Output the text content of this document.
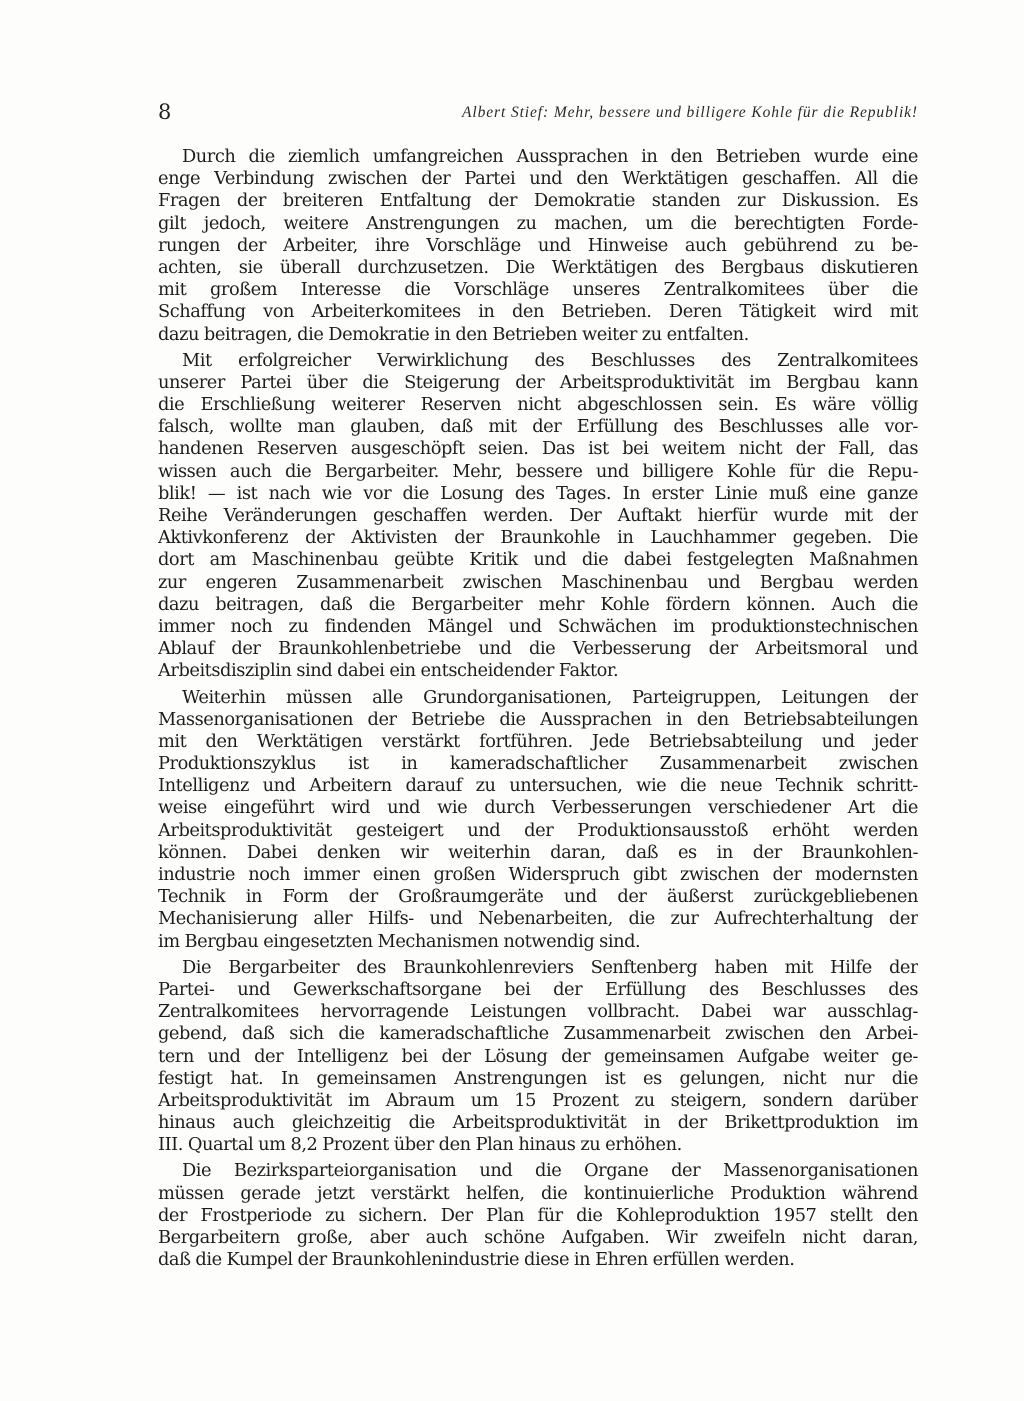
8	Albert Stief: Mehr, bessere und billigere Kohle für die Republik!
Durch die ziemlich umfangreichen Aussprachen in den Betrieben wurde eine
enge Verbindung zwischen der Partei und den Werktätigen geschaffen. All die
Fragen der breiteren Entfaltung der Demokratie standen zur Diskussion. Es
gilt jedoch, weitere Anstrengungen zu machen, um die berechtigten Forde-
rungen der Arbeiter, ihre Vorschläge und Hinweise auch gebührend zu be-
achten, sie überall durchzusetzen. Die Werktätigen des Bergbaus diskutieren
mit großem Interesse die Vorschläge unseres Zentralkomitees über die
Schaffung von Arbeiterkomitees in den Betrieben. Deren Tätigkeit wird mit
dazu beitragen, die Demokratie in den Betrieben weiter zu entfalten.
Mit erfolgreicher Verwirklichung des Beschlusses des Zentralkomitees
unserer Partei über die Steigerung der Arbeitsproduktivität im Bergbau kann
die Erschließung weiterer Reserven nicht abgeschlossen sein. Es wäre völlig
falsch, wollte man glauben, daß mit der Erfüllung des Beschlusses alle vor-
handenen Reserven ausgeschöpft seien. Das ist bei weitem nicht der Fall, das
wissen auch die Bergarbeiter. Mehr, bessere und billigere Kohle für die Repu-
blik! — ist nach wie vor die Losung des Tages. In erster Linie muß eine ganze
Reihe Veränderungen geschaffen werden. Der Auftakt hierfür wurde mit der
Aktivkonferenz der Aktivisten der Braunkohle in Lauchhammer gegeben. Die
dort am Maschinenbau geübte Kritik und die dabei festgelegten Maßnahmen
zur engeren Zusammenarbeit zwischen Maschinenbau und Bergbau werden
dazu beitragen, daß die Bergarbeiter mehr Kohle fördern können. Auch die
immer noch zu findenden Mängel und Schwächen im produktionstechnischen
Ablauf der Braunkohlenbetriebe und die Verbesserung der Arbeitsmoral und
Arbeitsdisziplin sind dabei ein entscheidender Faktor.
Weiterhin müssen alle Grundorganisationen, Parteigruppen, Leitungen der
Massenorganisationen der Betriebe die Aussprachen in den Betriebsabteilungen
mit den Werktätigen verstärkt fortführen. Jede Betriebsabteilung und jeder
Produktionszyklus ist in kameradschaftlicher Zusammenarbeit zwischen
Intelligenz und Arbeitern darauf zu untersuchen, wie die neue Technik schritt-
weise eingeführt wird und wie durch Verbesserungen verschiedener Art die
Arbeitsproduktivität gesteigert und der Produktionsausstoß erhöht werden
können. Dabei denken wir weiterhin daran, daß es in der Braunkohlen-
industrie noch immer einen großen Widerspruch gibt zwischen der modernsten
Technik in Form der Großraumgeräte und der äußerst zurückgebliebenen
Mechanisierung aller Hilfs- und Nebenarbeiten, die zur Aufrechterhaltung der
im Bergbau eingesetzten Mechanismen notwendig sind.
Die Bergarbeiter des Braunkohlenreviers Senftenberg haben mit Hilfe der
Partei- und Gewerkschaftsorgane bei der Erfüllung des Beschlusses des
Zentralkomitees hervorragende Leistungen vollbracht. Dabei war ausschlag-
gebend, daß sich die kameradschaftliche Zusammenarbeit zwischen den Arbei-
tern und der Intelligenz bei der Lösung der gemeinsamen Aufgabe weiter ge-
festigt hat. In gemeinsamen Anstrengungen ist es gelungen, nicht nur die
Arbeitsproduktivität im Abraum um 15 Prozent zu steigern, sondern darüber
hinaus auch gleichzeitig die Arbeitsproduktivität in der Brikettproduktion im
III. Quartal um 8,2 Prozent über den Plan hinaus zu erhöhen.
Die Bezirksparteiorganisation und die Organe der Massenorganisationen
müssen gerade jetzt verstärkt helfen, die kontinuierliche Produktion während
der Frostperiode zu sichern. Der Plan für die Kohleproduktion 1957 stellt den
Bergarbeitern große, aber auch schöne Aufgaben. Wir zweifeln nicht daran,
daß die Kumpel der Braunkohlenindustrie diese in Ehren erfüllen werden.
